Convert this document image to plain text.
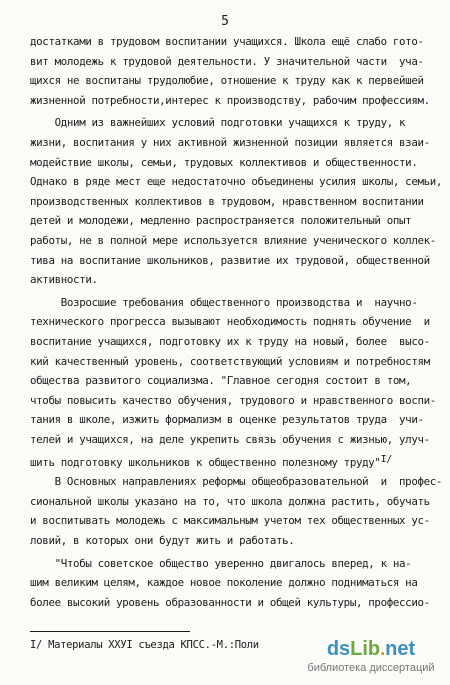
5
I/ Материалы ХХУI съезда КПСС.-М.:Поли	ds Lib . net
библиотека диссертаций
достатками в трудовом воспитании учащихся. Школа ещё слабо гото-
вит молодежь к трудовой деятельности. У значительной части  уча-
щихся не воспитаны трудолюбие, отношение к труду как к первейшей
жизненной потребности,интерес к производству, рабочим профессиям.
Одним из важнейших условий подготовки учащихся к труду, к
жизни, воспитания у них активной жизненной позиции является взаи-
модействие школы, семьи, трудовых коллективов и общественности.
Однако в ряде мест еще недостаточно объединены усилия школы, семьи,
производственных коллективов в трудовом, нравственном воспитании
детей и молодежи, медленно распространяется положительный опыт
работы, не в полной мере используется влияние ученического коллек-
тива на воспитание школьников, развитие их трудовой, общественной
активности.
Возросшие требования общественного производства и  научно-
технического прогресса вызывают необходимость поднять обучение  и
воспитание учащихся, подготовку их к труду на новый, более  высо-
кий качественный уровень, соответствующий условиям и потребностям
общества развитого социализма. "Главное сегодня состоит в том,
чтобы повысить качество обучения, трудового и нравственного воспи-
тания в школе, изжить формализм в оценке результатов труда  учи-
телей и учащихся, на деле укрепить связь обучения с жизнью, улуч-
шить подготовку школьников к общественно полезному труду"I/
В Основных направлениях реформы общеобразовательной  и  профес-
сиональной школы указано на то, что школа должна растить, обучать
и воспитывать молодежь с максимальным учетом тех общественных ус-
ловий, в которых они будут жить и работать.
"Чтобы советское общество уверенно двигалось вперед, к на-
шим великим целям, каждое новое поколение должно подниматься на
более высокий уровень образованности и общей культуры, профессио-
